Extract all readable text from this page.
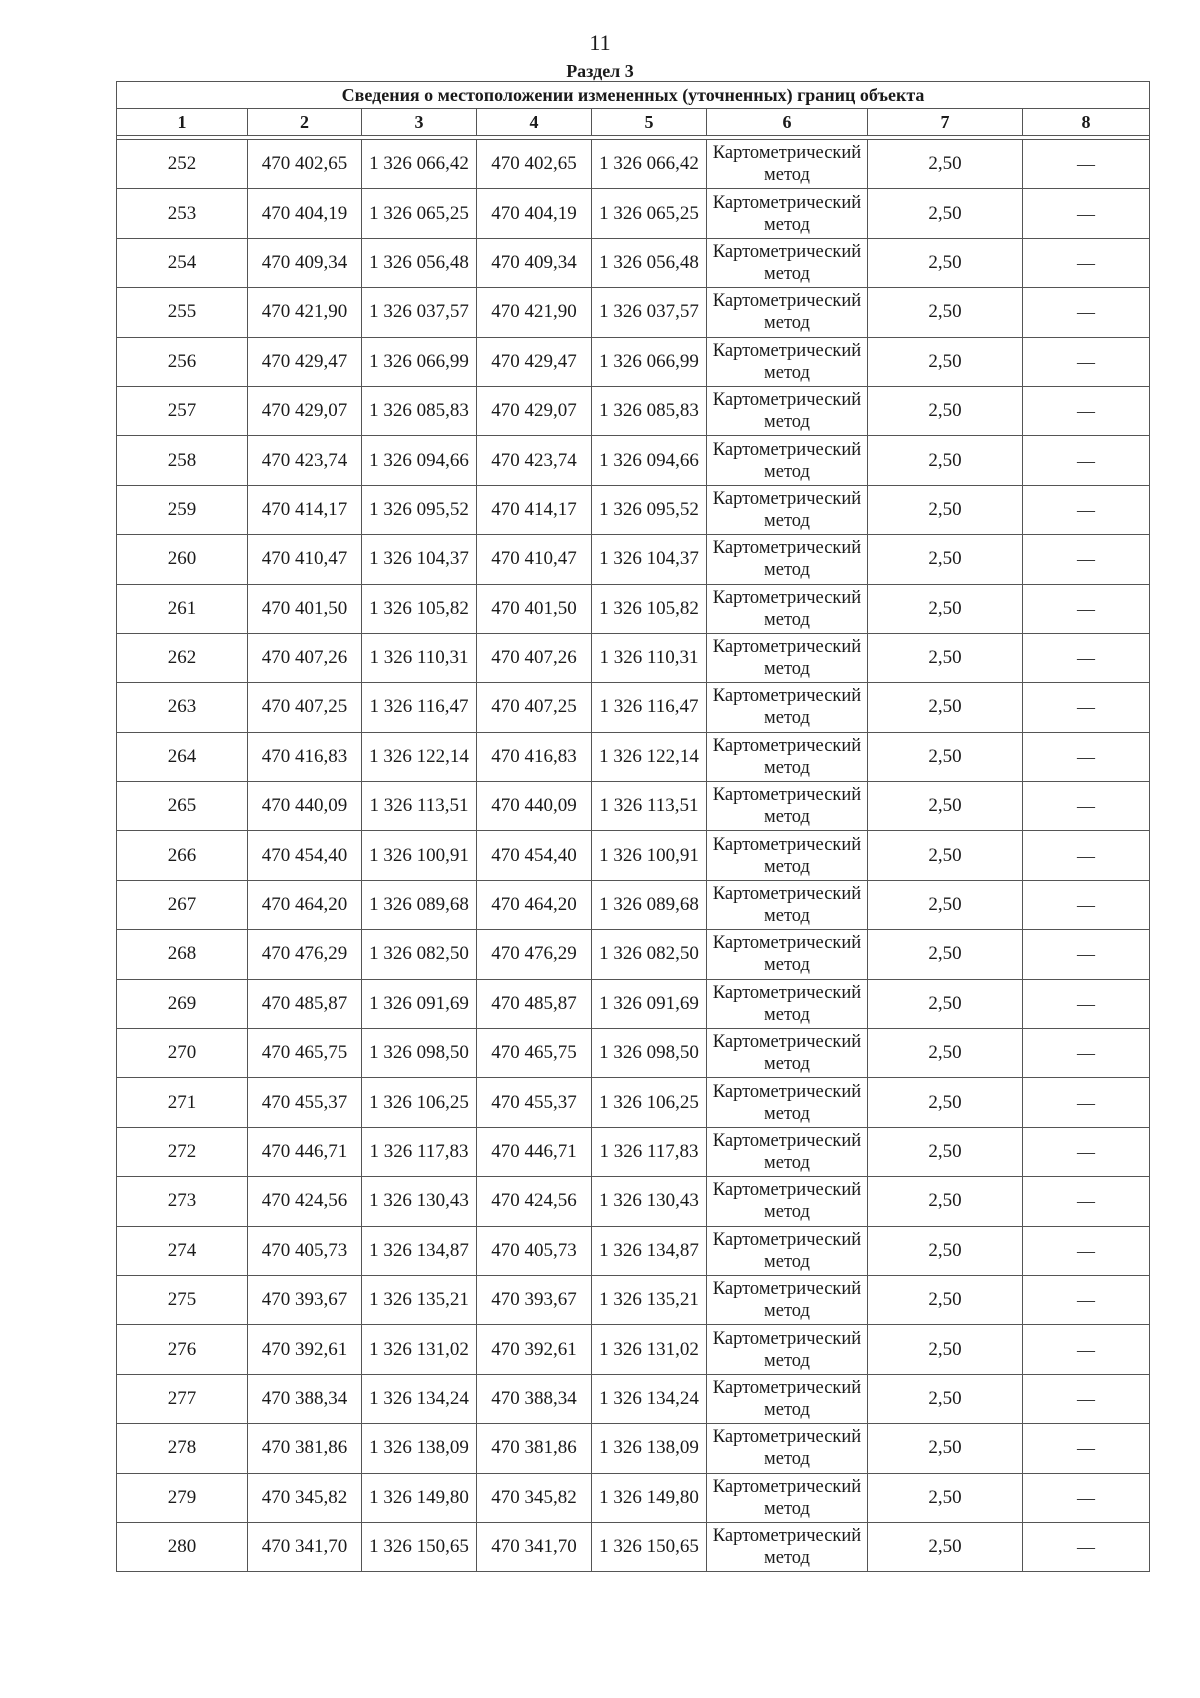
11
Раздел 3
Сведения о местоположении измененных (уточненных) границ объекта							
1	2	3	4	5	6	7	8

252	470 402,65	1 326 066,42	470 402,65	1 326 066,42	Картометрический метод	2,50	—
253	470 404,19	1 326 065,25	470 404,19	1 326 065,25	Картометрический метод	2,50	—
254	470 409,34	1 326 056,48	470 409,34	1 326 056,48	Картометрический метод	2,50	—
255	470 421,90	1 326 037,57	470 421,90	1 326 037,57	Картометрический метод	2,50	—
256	470 429,47	1 326 066,99	470 429,47	1 326 066,99	Картометрический метод	2,50	—
257	470 429,07	1 326 085,83	470 429,07	1 326 085,83	Картометрический метод	2,50	—
258	470 423,74	1 326 094,66	470 423,74	1 326 094,66	Картометрический метод	2,50	—
259	470 414,17	1 326 095,52	470 414,17	1 326 095,52	Картометрический метод	2,50	—
260	470 410,47	1 326 104,37	470 410,47	1 326 104,37	Картометрический метод	2,50	—
261	470 401,50	1 326 105,82	470 401,50	1 326 105,82	Картометрический метод	2,50	—
262	470 407,26	1 326 110,31	470 407,26	1 326 110,31	Картометрический метод	2,50	—
263	470 407,25	1 326 116,47	470 407,25	1 326 116,47	Картометрический метод	2,50	—
264	470 416,83	1 326 122,14	470 416,83	1 326 122,14	Картометрический метод	2,50	—
265	470 440,09	1 326 113,51	470 440,09	1 326 113,51	Картометрический метод	2,50	—
266	470 454,40	1 326 100,91	470 454,40	1 326 100,91	Картометрический метод	2,50	—
267	470 464,20	1 326 089,68	470 464,20	1 326 089,68	Картометрический метод	2,50	—
268	470 476,29	1 326 082,50	470 476,29	1 326 082,50	Картометрический метод	2,50	—
269	470 485,87	1 326 091,69	470 485,87	1 326 091,69	Картометрический метод	2,50	—
270	470 465,75	1 326 098,50	470 465,75	1 326 098,50	Картометрический метод	2,50	—
271	470 455,37	1 326 106,25	470 455,37	1 326 106,25	Картометрический метод	2,50	—
272	470 446,71	1 326 117,83	470 446,71	1 326 117,83	Картометрический метод	2,50	—
273	470 424,56	1 326 130,43	470 424,56	1 326 130,43	Картометрический метод	2,50	—
274	470 405,73	1 326 134,87	470 405,73	1 326 134,87	Картометрический метод	2,50	—
275	470 393,67	1 326 135,21	470 393,67	1 326 135,21	Картометрический метод	2,50	—
276	470 392,61	1 326 131,02	470 392,61	1 326 131,02	Картометрический метод	2,50	—
277	470 388,34	1 326 134,24	470 388,34	1 326 134,24	Картометрический метод	2,50	—
278	470 381,86	1 326 138,09	470 381,86	1 326 138,09	Картометрический метод	2,50	—
279	470 345,82	1 326 149,80	470 345,82	1 326 149,80	Картометрический метод	2,50	—
280	470 341,70	1 326 150,65	470 341,70	1 326 150,65	Картометрический метод	2,50	—
